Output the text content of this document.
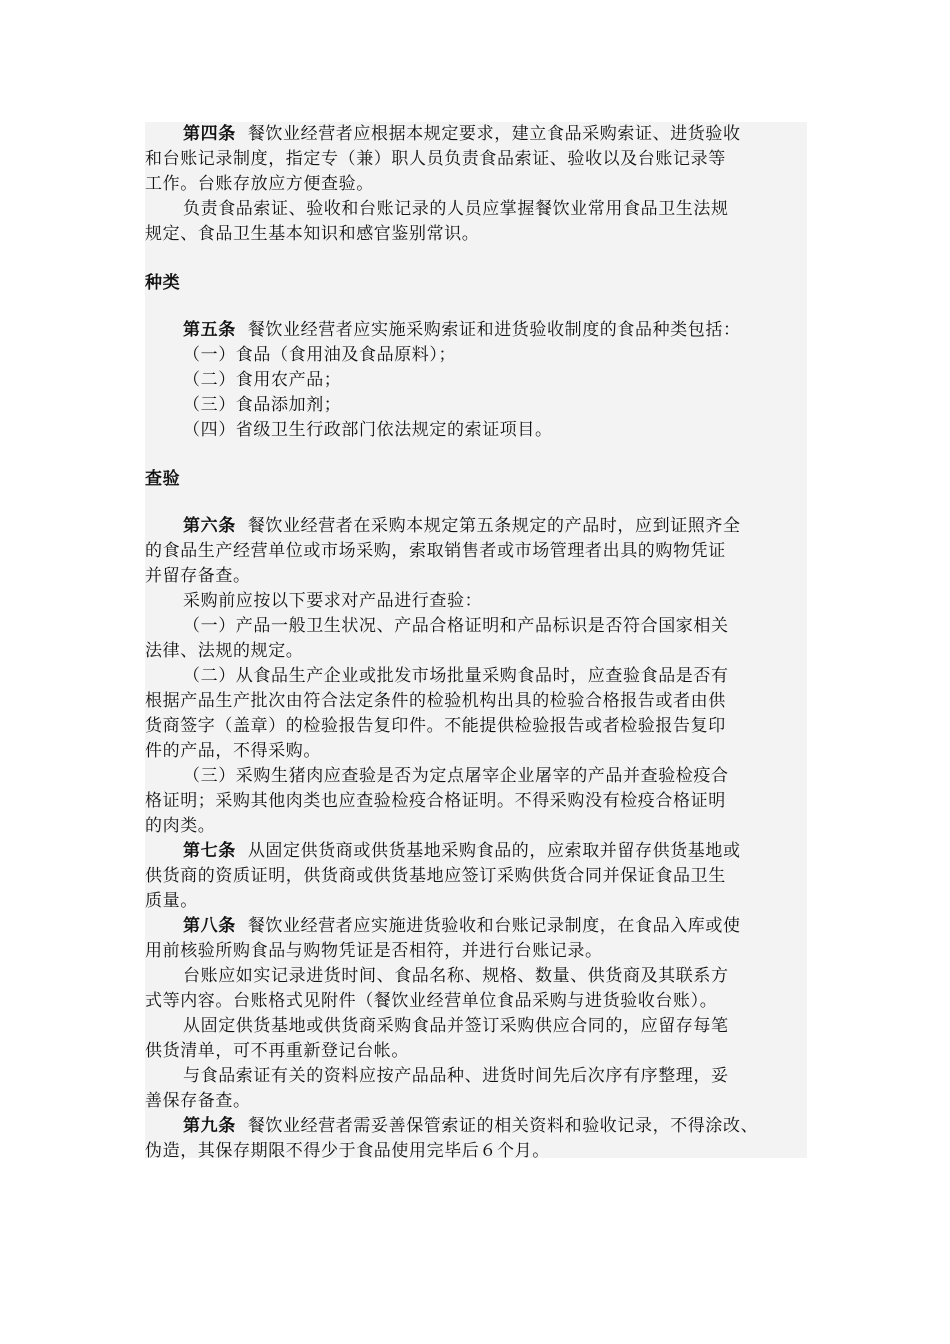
第四条 餐饮业经营者应根据本规定要求，建立食品采购索证、进货验收
和台账记录制度，指定专（兼）职人员负责食品索证、验收以及台账记录等
工作。台账存放应方便查验。
负责食品索证、验收和台账记录的人员应掌握餐饮业常用食品卫生法规
规定、食品卫生基本知识和感官鉴别常识。
种类
第五条 餐饮业经营者应实施采购索证和进货验收制度的食品种类包括：
（一）食品（食用油及食品原料）；
（二）食用农产品；
（三）食品添加剂；
（四）省级卫生行政部门依法规定的索证项目。
查验
第六条 餐饮业经营者在采购本规定第五条规定的产品时，应到证照齐全
的食品生产经营单位或市场采购，索取销售者或市场管理者出具的购物凭证
并留存备查。
采购前应按以下要求对产品进行查验：
（一）产品一般卫生状况、产品合格证明和产品标识是否符合国家相关
法律、法规的规定。
（二）从食品生产企业或批发市场批量采购食品时，应查验食品是否有
根据产品生产批次由符合法定条件的检验机构出具的检验合格报告或者由供
货商签字（盖章）的检验报告复印件。不能提供检验报告或者检验报告复印
件的产品，不得采购。
（三）采购生猪肉应查验是否为定点屠宰企业屠宰的产品并查验检疫合
格证明；采购其他肉类也应查验检疫合格证明。不得采购没有检疫合格证明
的肉类。
第七条 从固定供货商或供货基地采购食品的，应索取并留存供货基地或
供货商的资质证明，供货商或供货基地应签订采购供货合同并保证食品卫生
质量。
第八条 餐饮业经营者应实施进货验收和台账记录制度，在食品入库或使
用前核验所购食品与购物凭证是否相符，并进行台账记录。
台账应如实记录进货时间、食品名称、规格、数量、供货商及其联系方
式等内容。台账格式见附件（餐饮业经营单位食品采购与进货验收台账）。
从固定供货基地或供货商采购食品并签订采购供应合同的，应留存每笔
供货清单，可不再重新登记台帐。
与食品索证有关的资料应按产品品种、进货时间先后次序有序整理，妥
善保存备查。
第九条 餐饮业经营者需妥善保管索证的相关资料和验收记录，不得涂改、
伪造，其保存期限不得少于食品使用完毕后６个月。
